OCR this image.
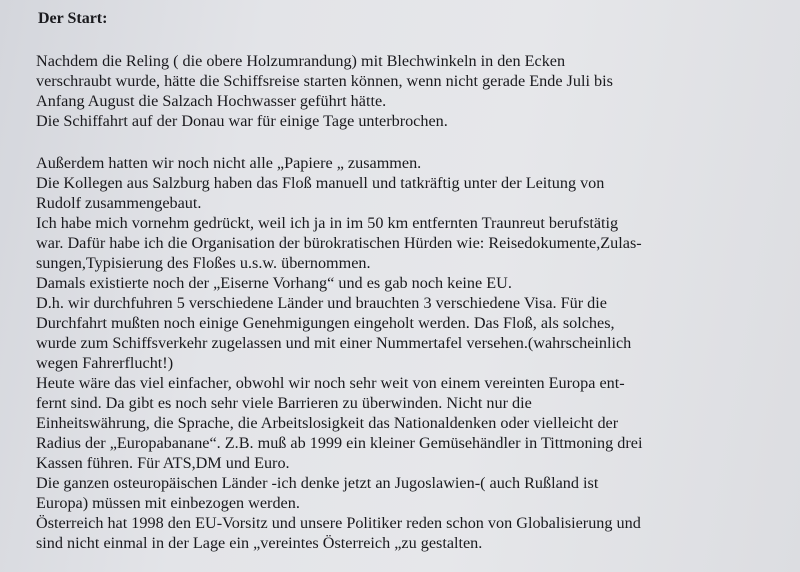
Der Start:
Nachdem die Reling ( die obere Holzumrandung) mit Blechwinkeln in den Ecken
verschraubt wurde, hätte die Schiffsreise starten können, wenn nicht gerade Ende Juli bis
Anfang August die Salzach Hochwasser geführt hätte.
Die Schiffahrt auf der Donau war für einige Tage unterbrochen.
Außerdem hatten wir noch nicht alle „Papiere „ zusammen.
Die Kollegen aus Salzburg haben das Floß manuell und tatkräftig unter der Leitung von
Rudolf zusammengebaut.
Ich habe mich vornehm gedrückt, weil ich ja in im 50 km entfernten Traunreut berufstätig
war. Dafür habe ich die Organisation der bürokratischen Hürden wie: Reisedokumente,Zulas-
sungen,Typisierung des Floßes u.s.w. übernommen.
Damals existierte noch der „Eiserne Vorhang“ und es gab noch keine EU.
D.h. wir durchfuhren 5 verschiedene Länder und brauchten 3 verschiedene Visa. Für die
Durchfahrt mußten noch einige Genehmigungen eingeholt werden. Das Floß, als solches,
wurde zum Schiffsverkehr zugelassen und mit einer Nummertafel versehen.(wahrscheinlich
wegen Fahrerflucht!)
Heute wäre das viel einfacher, obwohl wir noch sehr weit von einem vereinten Europa ent-
fernt sind. Da gibt es noch sehr viele Barrieren zu überwinden. Nicht nur die
Einheitswährung, die Sprache, die Arbeitslosigkeit das Nationaldenken oder vielleicht der
Radius der „Europabanane“. Z.B. muß ab 1999 ein kleiner Gemüsehändler in Tittmoning drei
Kassen führen. Für ATS,DM und Euro.
Die ganzen osteuropäischen Länder -ich denke jetzt an Jugoslawien-( auch Rußland ist
Europa) müssen mit einbezogen werden.
Österreich hat 1998 den EU-Vorsitz und unsere Politiker reden schon von Globalisierung und
sind nicht einmal in der Lage ein „vereintes Österreich „zu gestalten.
